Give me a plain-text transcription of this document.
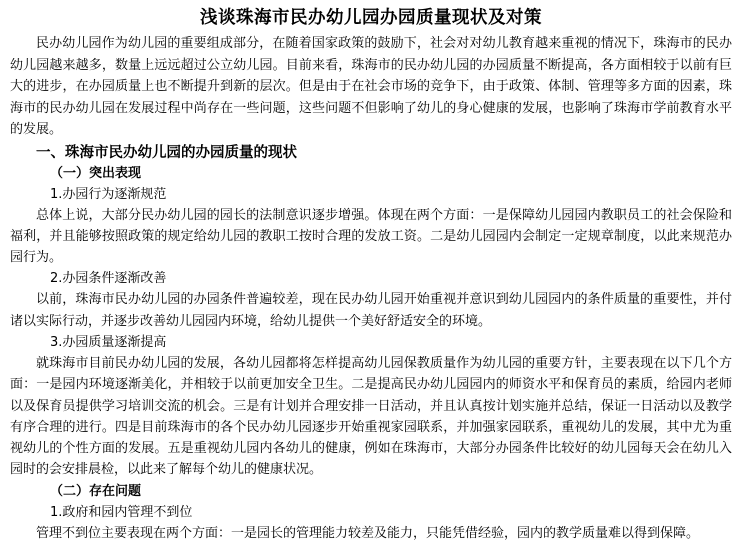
浅谈珠海市民办幼儿园办园质量现状及对策

民办幼儿园作为幼儿园的重要组成部分，在随着国家政策的鼓励下，社会对对幼儿教育越来重视的情况下，珠海市的民办幼儿园越来越多，数量上远远超过公立幼儿园。目前来看，珠海市的民办幼儿园的办园质量不断提高，各方面相较于以前有巨大的进步，在办园质量上也不断提升到新的层次。但是由于在社会市场的竞争下，由于政策、体制、管理等多方面的因素，珠海市的民办幼儿园在发展过程中尚存在一些问题，这些问题不但影响了幼儿的身心健康的发展，也影响了珠海市学前教育水平的发展。

一、珠海市民办幼儿园的办园质量的现状
（一）突出表现
1.办园行为逐渐规范

总体上说，大部分民办幼儿园的园长的法制意识逐步增强。体现在两个方面：一是保障幼儿园园内教职员工的社会保险和福利，并且能够按照政策的规定给幼儿园的教职工按时合理的发放工资。二是幼儿园园内会制定一定规章制度，以此来规范办园行为。

2.办园条件逐渐改善

以前，珠海市民办幼儿园的办园条件普遍较差，现在民办幼儿园开始重视并意识到幼儿园园内的条件质量的重要性，并付诸以实际行动，并逐步改善幼儿园园内环境，给幼儿提供一个美好舒适安全的环境。

3.办园质量逐渐提高

就珠海市目前民办幼儿园的发展，各幼儿园都将怎样提高幼儿园保教质量作为幼儿园的重要方针，主要表现在以下几个方面：一是园内环境逐渐美化，并相较于以前更加安全卫生。二是提高民办幼儿园园内的师资水平和保育员的素质，给园内老师以及保育员提供学习培训交流的机会。三是有计划并合理安排一日活动，并且认真按计划实施并总结，保证一日活动以及教学有序合理的进行。四是目前珠海市的各个民办幼儿园逐步开始重视家园联系，并加强家园联系，重视幼儿的发展，其中尤为重视幼儿的个性方面的发展。五是重视幼儿园内各幼儿的健康，例如在珠海市，大部分办园条件比较好的幼儿园每天会在幼儿入园时的会安排晨检，以此来了解每个幼儿的健康状况。

（二）存在问题
1.政府和园内管理不到位

管理不到位主要表现在两个方面：一是园长的管理能力较差及能力，只能凭借经验，园内的教学质量难以得到保障。
